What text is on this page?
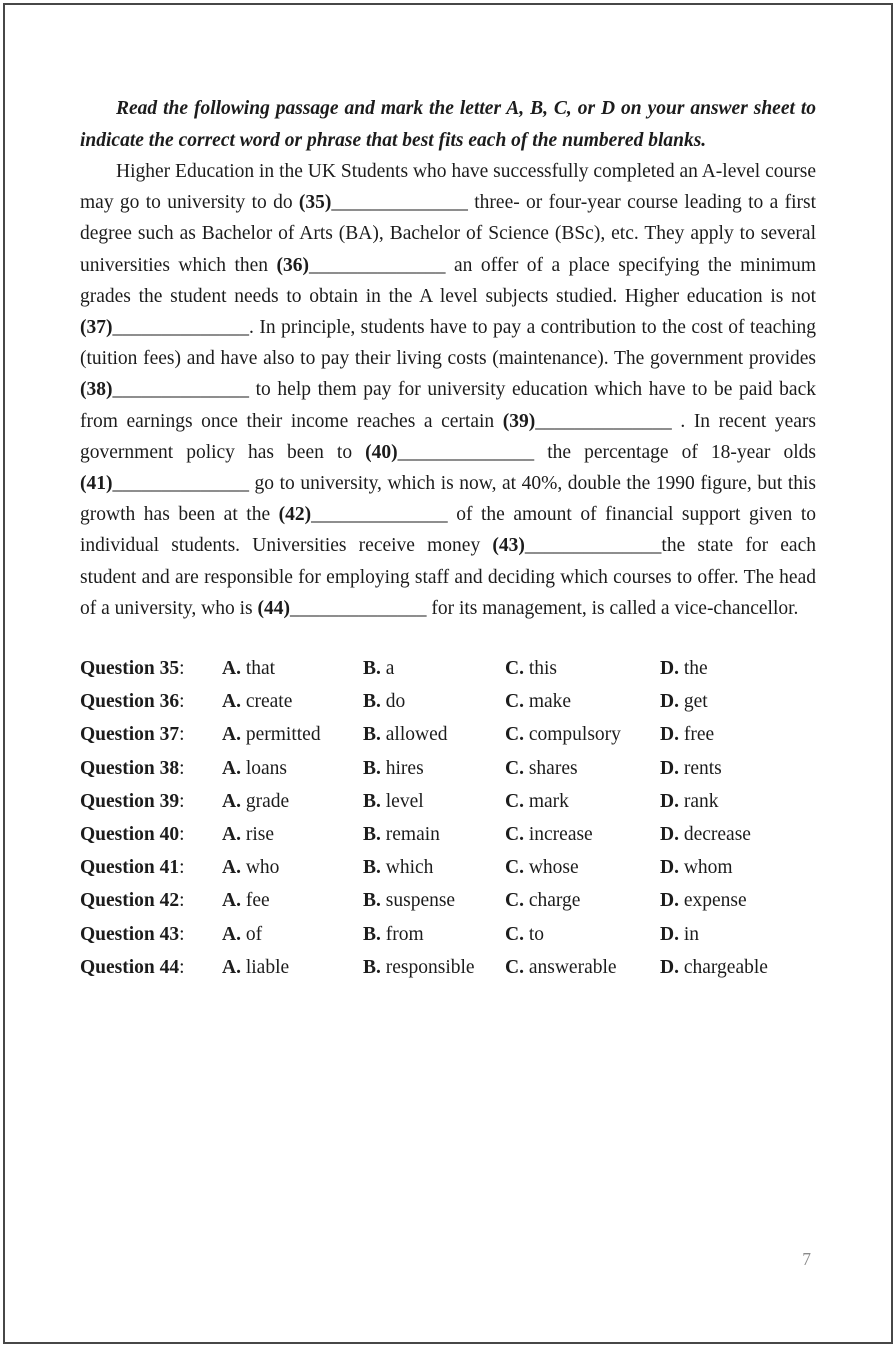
Read the following passage and mark the letter A, B, C, or D on your answer sheet to indicate the correct word or phrase that best fits each of the numbered blanks.

Higher Education in the UK Students who have successfully completed an A-level course may go to university to do (35)______________ three- or four-year course leading to a first degree such as Bachelor of Arts (BA), Bachelor of Science (BSc), etc. They apply to several universities which then (36)______________ an offer of a place specifying the minimum grades the student needs to obtain in the A level subjects studied. Higher education is not (37)______________. In principle, students have to pay a contribution to the cost of teaching (tuition fees) and have also to pay their living costs (maintenance). The government provides (38)______________ to help them pay for university education which have to be paid back from earnings once their income reaches a certain (39)______________ . In recent years government policy has been to (40)______________ the percentage of 18-year olds (41)______________ go to university, which is now, at 40%, double the 1990 figure, but this growth has been at the (42)______________ of the amount of financial support given to individual students. Universities receive money (43)______________the state for each student and are responsible for employing staff and deciding which courses to offer. The head of a university, who is (44)______________ for its management, is called a vice-chancellor.

Question 35:	A. that	B. a	C. this	D. the
Question 36:	A. create	B. do	C. make	D. get
Question 37:	A. permitted	B. allowed	C. compulsory	D. free
Question 38:	A. loans	B. hires	C. shares	D. rents
Question 39:	A. grade	B. level	C. mark	D. rank
Question 40:	A. rise	B. remain	C. increase	D. decrease
Question 41:	A. who	B. which	C. whose	D. whom
Question 42:	A. fee	B. suspense	C. charge	D. expense
Question 43:	A. of	B. from	C. to	D. in
Question 44:	A. liable	B. responsible	C. answerable	D. chargeable
7
